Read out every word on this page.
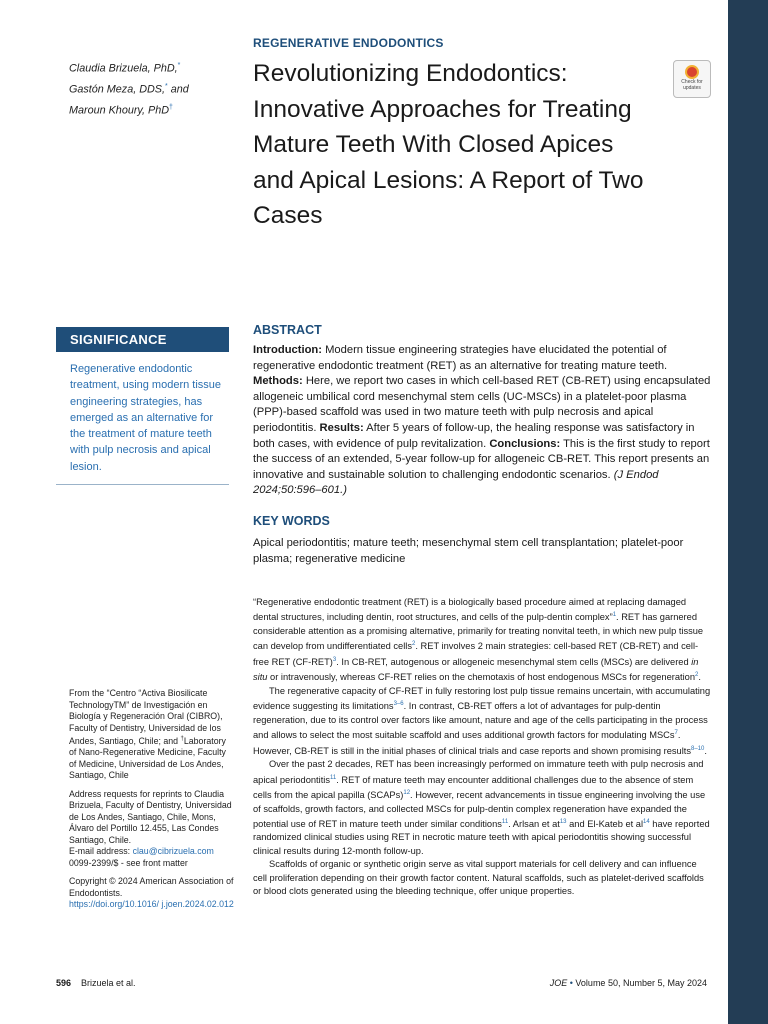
REGENERATIVE ENDODONTICS
Revolutionizing Endodontics: Innovative Approaches for Treating Mature Teeth With Closed Apices and Apical Lesions: A Report of Two Cases
Check for updates
Claudia Brizuela, PhD,*
Gastón Meza, DDS,* and
Maroun Khoury, PhD†
SIGNIFICANCE
Regenerative endodontic treatment, using modern tissue engineering strategies, has emerged as an alternative for the treatment of mature teeth with pulp necrosis and apical lesion.
ABSTRACT
Introduction: Modern tissue engineering strategies have elucidated the potential of regenerative endodontic treatment (RET) as an alternative for treating mature teeth. Methods: Here, we report two cases in which cell-based RET (CB-RET) using encapsulated allogeneic umbilical cord mesenchymal stem cells (UC-MSCs) in a platelet-poor plasma (PPP)-based scaffold was used in two mature teeth with pulp necrosis and apical periodontitis. Results: After 5 years of follow-up, the healing response was satisfactory in both cases, with evidence of pulp revitalization. Conclusions: This is the first study to report the success of an extended, 5-year follow-up for allogeneic CB-RET. This report presents an innovative and sustainable solution to challenging endodontic scenarios. (J Endod 2024;50:596–601.)
KEY WORDS
Apical periodontitis; mature teeth; mesenchymal stem cell transplantation; platelet-poor plasma; regenerative medicine

“Regenerative endodontic treatment (RET) is a biologically based procedure aimed at replacing damaged dental structures, including dentin, root structures, and cells of the pulp-dentin complex”$^1$. RET has garnered considerable attention as a promising alternative, primarily for treating nonvital teeth, in which new pulp tissue can develop from undifferentiated cells$^2$. RET involves 2 main strategies: cell-based RET (CB-RET) and cell-free RET $(CF-RET)^3$. In CB-RET, autogenous or allogeneic mesenchymal stem cells (MSCs) are delivered in situ or intravenously, whereas CF-RET relies on the chemotaxis of host endogenous MSCs for regeneration$^2$.

The regenerative capacity of CF-RET in fully restoring lost pulp tissue remains uncertain, with accumulating evidence suggesting its limitations$^{3-6}$. In contrast, CB-RET offers a lot of advantages for pulp-dentin regeneration, due to its control over factors like amount, nature and age of the cells participating in the process and allows to select the most suitable scaffold and uses additional growth factors for modulating MSCs$^7$. However, CB-RET is still in the initial phases of clinical trials and case reports and shown promising results$^{8-10}$.

Over the past 2 decades, RET has been increasingly performed on immature teeth with pulp necrosis and apical periodontitis$^{11}$. RET of mature teeth may encounter additional challenges due to the absence of stem cells from the apical papilla (SCAPs)$^{12}$. However, recent advancements in tissue engineering involving the use of scaffolds, growth factors, and collected MSCs for pulp-dentin complex regeneration have expanded the potential use of RET in mature teeth under similar conditions$^{11}$. Arlsan et $at^{13}$ and El-Kateb et $al^{14}$ have reported randomized clinical studies using RET in necrotic mature teeth with apical periodontitis showing successful clinical results during 12-month follow-up.

Scaffolds of organic or synthetic origin serve as vital support materials for cell delivery and can influence cell proliferation depending on their growth factor content. Natural scaffolds, such as platelet-derived scaffolds or blood clots generated using the bleeding technique, offer unique properties.

From the “Centro “Activa Biosilicate TechnologyTM” de Investigación en Biología y Regeneración Oral (CIBRO), Faculty of Dentistry, Universidad de los Andes, Santiago, Chile; and †Laboratory of Nano-Regenerative Medicine, Faculty of Medicine, Universidad de Los Andes, Santiago, Chile

Address requests for reprints to Claudia Brizuela, Faculty of Dentistry, Universidad de Los Andes, Santiago, Chile, Mons, Álvaro del Portillo 12.455, Las Condes Santiago, Chile.
E-mail address: clau@cibrizuela.com
0099-2399/$ - see front matter

Copyright © 2024 American Association of Endodontists.
https://doi.org/10.1016/ j.joen.2024.02.012

596 Brizuela et al.	JOE • Volume 50, Number 5, May 2024
